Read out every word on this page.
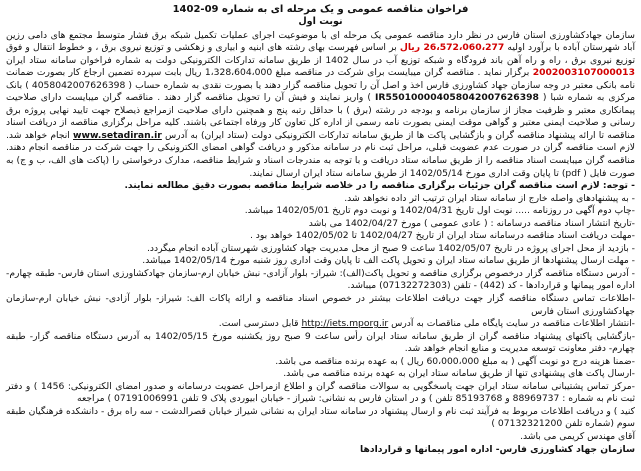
فراخوان مناقصه عمومی و یک مرحله ای به شماره 09-1402

نوبت اول

سازمان جهادکشاورزی استان فارس در نظر دارد مناقصه عمومی یک مرحله ای با موضوعیت اجرای عملیات تکمیل شبکه برق فشار متوسط مجتمع های دامی رزین آباد شهرستان آباده با برآورد اولیه 26،572،060،277 ریال بر اساس فهرست بهای رشته های ابنیه و ابیاری و زهکشی و توزیع نیروی برق ، و خطوط انتقال و فوق توزیع نیروی برق ، راه و راه آهن باند فرودگاه و شبکه توزیع آب در سال 1402 از طریق سامانه تدارکات الکترونیکی دولت به شماره فراخوان سامانه ستاد ایران 2002003107000013 برگزار نماید . مناقصه گران میبایست برای شرکت در مناقصه مبلغ 1،328،604،000 ریال بابت سپرده تضمین ارجاع کار بصورت ضمانت نامه بانکی معتبر در وجه سازمان جهاد کشاورزی فارس اخذ و اصل آن را تحویل مناقصه گزار دهند یا بصورت نقدی به شماره حساب ( 4058042007626398 ) بانک مرکزی به شماره شبا ( IR550100004058042007626398 ) واریز نمایند و فیش آن را تحویل مناقصه گزار دهند . مناقصه گران میبایست دارای صلاحیت پیمانکاری معتبر و ظرفیت مجاز از سازمان برنامه و بودجه در رشته (برق ) با حداقل رتبه پنج و همچنین دارای صلاحیت ازمراجع ذیصلاح جهت تایید نهایی پروژه برق رسانی و صلاحیت ایمنی معتبر و گواهی موقت ایمنی بصورت نامه رسمی از اداره کل تعاون کار ورفاه اجتماعی باشند. کلیه مراحل برگزاری مناقصه از دریافت اسناد مناقصه تا ارائه پیشنهاد مناقصه گران و بازگشایی پاکت ها از طریق سامانه تدارکات الکترونیکی دولت (ستاد ایران) به آدرس www.setadiran.ir انجام خواهد شد. لازم است مناقصه گران در صورت عدم عضویت قبلی، مراحل ثبت نام در سامانه مذکور و دریافت گواهی امضای الکترونیکی را جهت شرکت در مناقصه انجام دهند. مناقصه گران میبایست اسناد مناقصه را از طریق سامانه ستاد دریافت و با توجه به مندرجات اسناد و شرایط مناقصه، مدارک درخواستی را (پاکت های الف، ب و ج) به صورت فایل ( pdf) تا پایان وقت اداری مورخ 1402/05/14 از طریق سامانه ستاد ایران ارسال نمایند.

- توجه: لازم است مناقصه گران جزئیات برگزاری مناقصه را در خلاصه شرایط مناقصه بصورت دقیق مطالعه نمایند.

- به پیشنهادهای واصله خارج از سامانه ستاد ایران ترتیب اثر داده نخواهد شد.

-چاپ دوم آگهی در روزنامه ..... نوبت اول تاریخ 1402/04/31 و نوبت دوم تاریخ 1402/05/01 میباشد.

-تاریخ انتشار اسناد مناقصه درسامانه : ( عادی عمومی ) مورخ 1402/04/27 می باشد

-مهلت دریافت اسناد مناقصه درسامانه ستاد ایران از تاریخ 1402/04/27 تا 1402/05/02 خواهد بود .

- بازدید از محل اجرای پروژه در تاریخ 1402/05/07 ساعت 9 صبح از محل مدیریت جهاد کشاورزی شهرستان آباده انجام میگردد.

- مهلت ارسال پیشنهادها از طریق سامانه ستاد ایران و تحویل پاکت الف تا پایان وقت اداری روز شنبه مورخ 1402/05/14 میباشد.

- آدرس دستگاه مناقصه گزار درخصوص برگزاری مناقصه و تحویل پاکت(الف): شیراز- بلوار آزادی- نبش خیابان ارم-سازمان جهادکشاورزی استان فارس- طبقه چهارم- اداره امور پیمانها و قراردادها - کد (442) - تلفن (07132272303) میباشد.

-اطلاعات تماس دستگاه مناقصه گزار جهت دریافت اطلاعات بیشتر در خصوص اسناد مناقصه و ارائه پاکات الف: شیراز- بلوار آزادی- نبش خیابان ارم-سازمان جهادکشاورزی استان فارس

-انتشار اطلاعات مناقصه در سایت پایگاه ملی مناقصات به آدرس http://iets.mporg.ir قابل دسترسی است.

-بازگشایی پاکتهای پیشنهاد مناقصه گران از طریق سامانه ستاد ایران رأس ساعت 9 صبح روز یکشنبه مورخ 1402/05/15 به آدرس دستگاه مناقصه گزار- طبقه چهارم- دفتر معاونت توسعه مدیریت و منابع انجام خواهد شد.

-ضمنا هزینه درج دو نوبت آگهی ( به مبلغ 60،000،000 ریال ) به عهده برنده مناقصه می باشد.

-ارسال پاکت های پیشنهادی تنها از طریق سامانه ستاد ایران به عهده برنده مناقصه می باشد.

-مرکز تماس پشتیبانی سامانه ستاد ایران جهت پاسخگویی به سوالات مناقصه گران و اطلاع ازمراحل عضویت درسامانه و صدور امضای الکترونیکی: 1456 ) و دفتر ثبت نام به شماره : 88969737 و 85193768 تلفن ) و در استان فارس به نشانی: شیراز - خیابان ابیوردی پلاک 9 تلفن 07191006991 ) مراجعه

کنید ) و دریافت اطلاعات مربوط به فرآیند ثبت نام و ارسال پیشنهاد در سامانه ستاد ایران به نشانی شیراز خیابان قصرالدشت - سه راه برق - دانشکده فرهنگیان طبقه سوم (شماره تلفن 07132321200 )

آقای مهندس کریمی می باشد.

سازمان جهاد کشاورزی فارس- اداره امور پیمانها و قراردادها
